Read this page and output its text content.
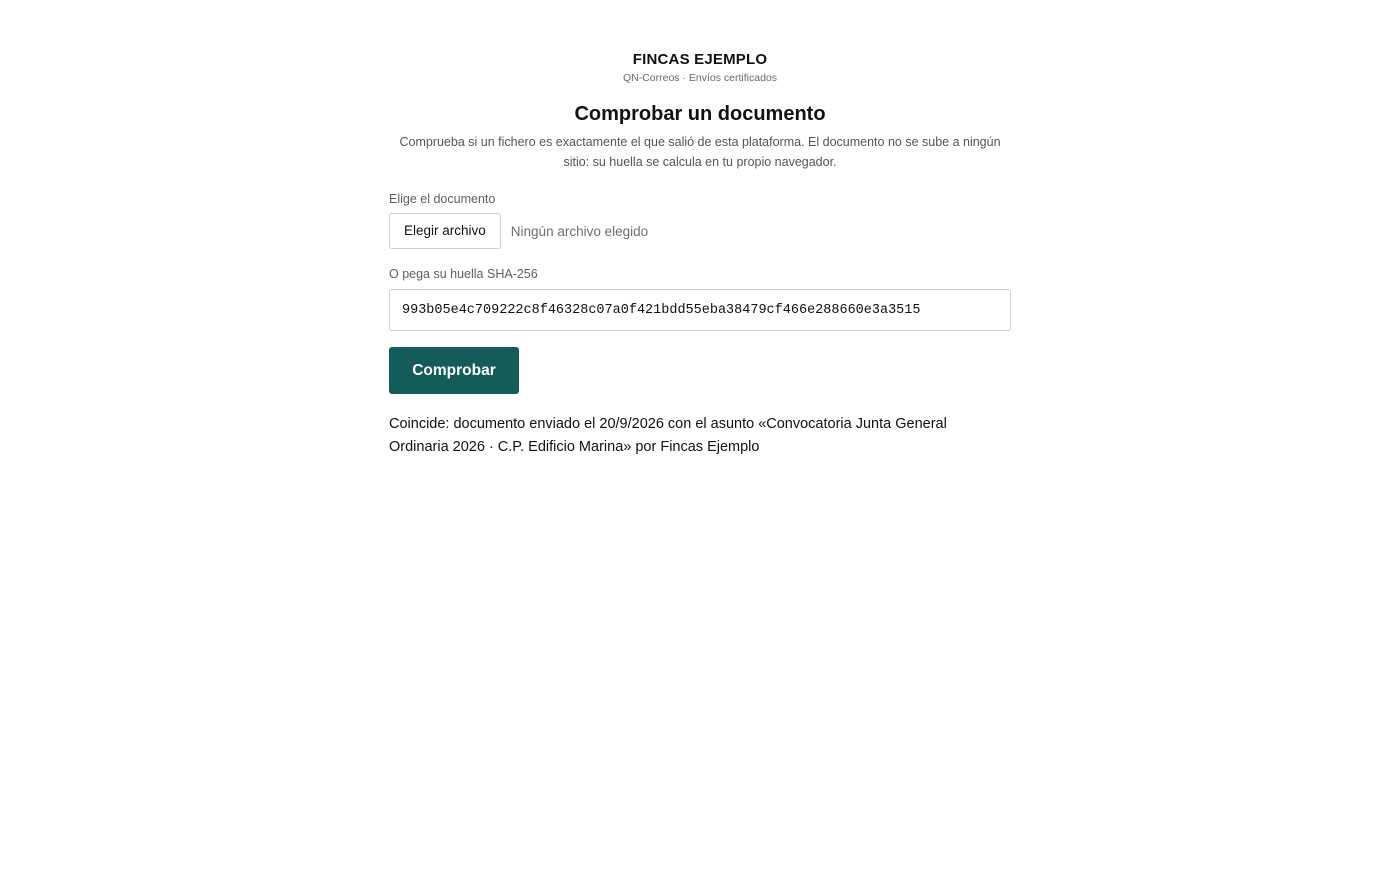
FINCAS EJEMPLO
QN-Correos · Envíos certificados
Comprobar un documento
Comprueba si un fichero es exactamente el que salió de esta plataforma. El documento no se sube a ningún sitio: su huella se calcula en tu propio navegador.
Elige el documento
Elegir archivo	Ningún archivo elegido
O pega su huella SHA-256
993b05e4c709222c8f46328c07a0f421bdd55eba38479cf466e288660e3a3515
Comprobar
Coincide: documento enviado el 20/9/2026 con el asunto «Convocatoria Junta General Ordinaria 2026 · C.P. Edificio Marina» por Fincas Ejemplo
